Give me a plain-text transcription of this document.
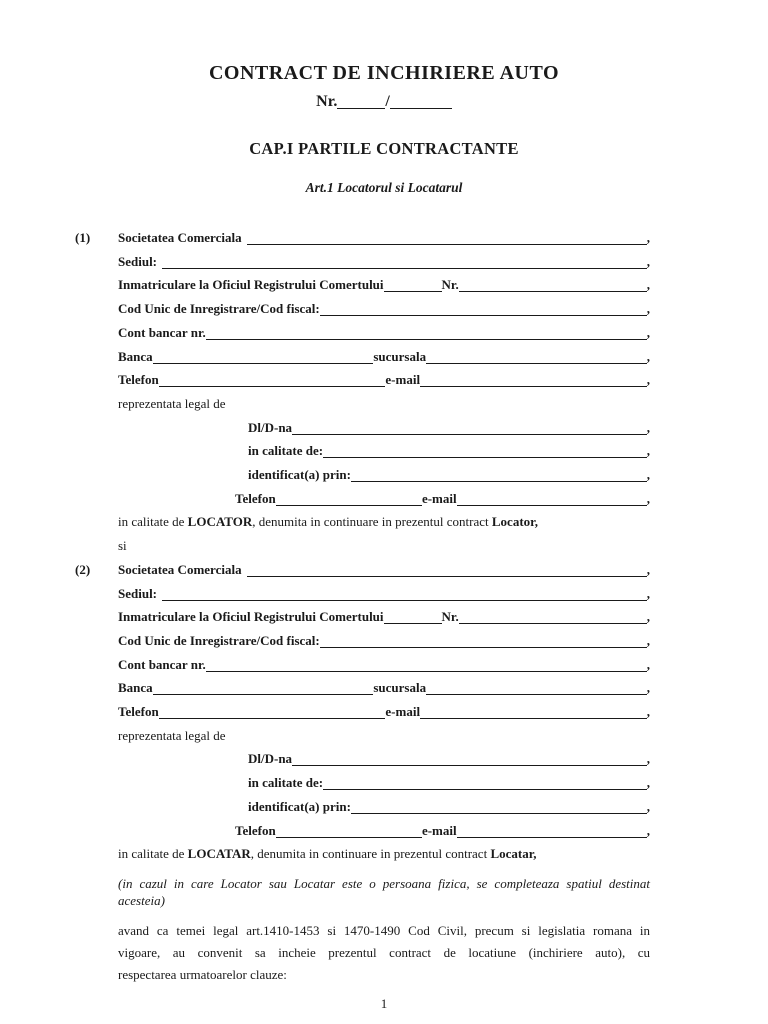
CONTRACT DE INCHIRIERE AUTO
Nr.	/
CAP.I PARTILE CONTRACTANTE
Art.1 Locatorul si Locatarul
(1) Societatea Comerciala	,
Sediul:	,
Inmatriculare la Oficiul Registrului Comertului	Nr.	,
Cod Unic de Inregistrare/Cod fiscal:	,
Cont bancar nr.	,
Banca	sucursala	,
Telefon	e-mail	,
reprezentata legal de
Dl/D-na	,
in calitate de:	,
identificat(a) prin:	,
Telefon	e-mail	,
in calitate de LOCATOR, denumita in continuare in prezentul contract Locator,
si
(2) Societatea Comerciala	,
Sediul:	,
Inmatriculare la Oficiul Registrului Comertului	Nr.	,
Cod Unic de Inregistrare/Cod fiscal:	,
Cont bancar nr.	,
Banca	sucursala	,
Telefon	e-mail	,
reprezentata legal de
Dl/D-na	,
in calitate de:	,
identificat(a) prin:	,
Telefon	e-mail	,
in calitate de LOCATAR, denumita in continuare in prezentul contract Locatar,
(in cazul in care Locator sau Locatar este o persoana fizica, se completeaza spatiul destinat
acesteia)
avand ca temei legal art.1410-1453 si 1470-1490 Cod Civil, precum si legislatia romana in
vigoare, au convenit sa incheie prezentul contract de locatiune (inchiriere auto), cu
respectarea urmatoarelor clauze:
1
